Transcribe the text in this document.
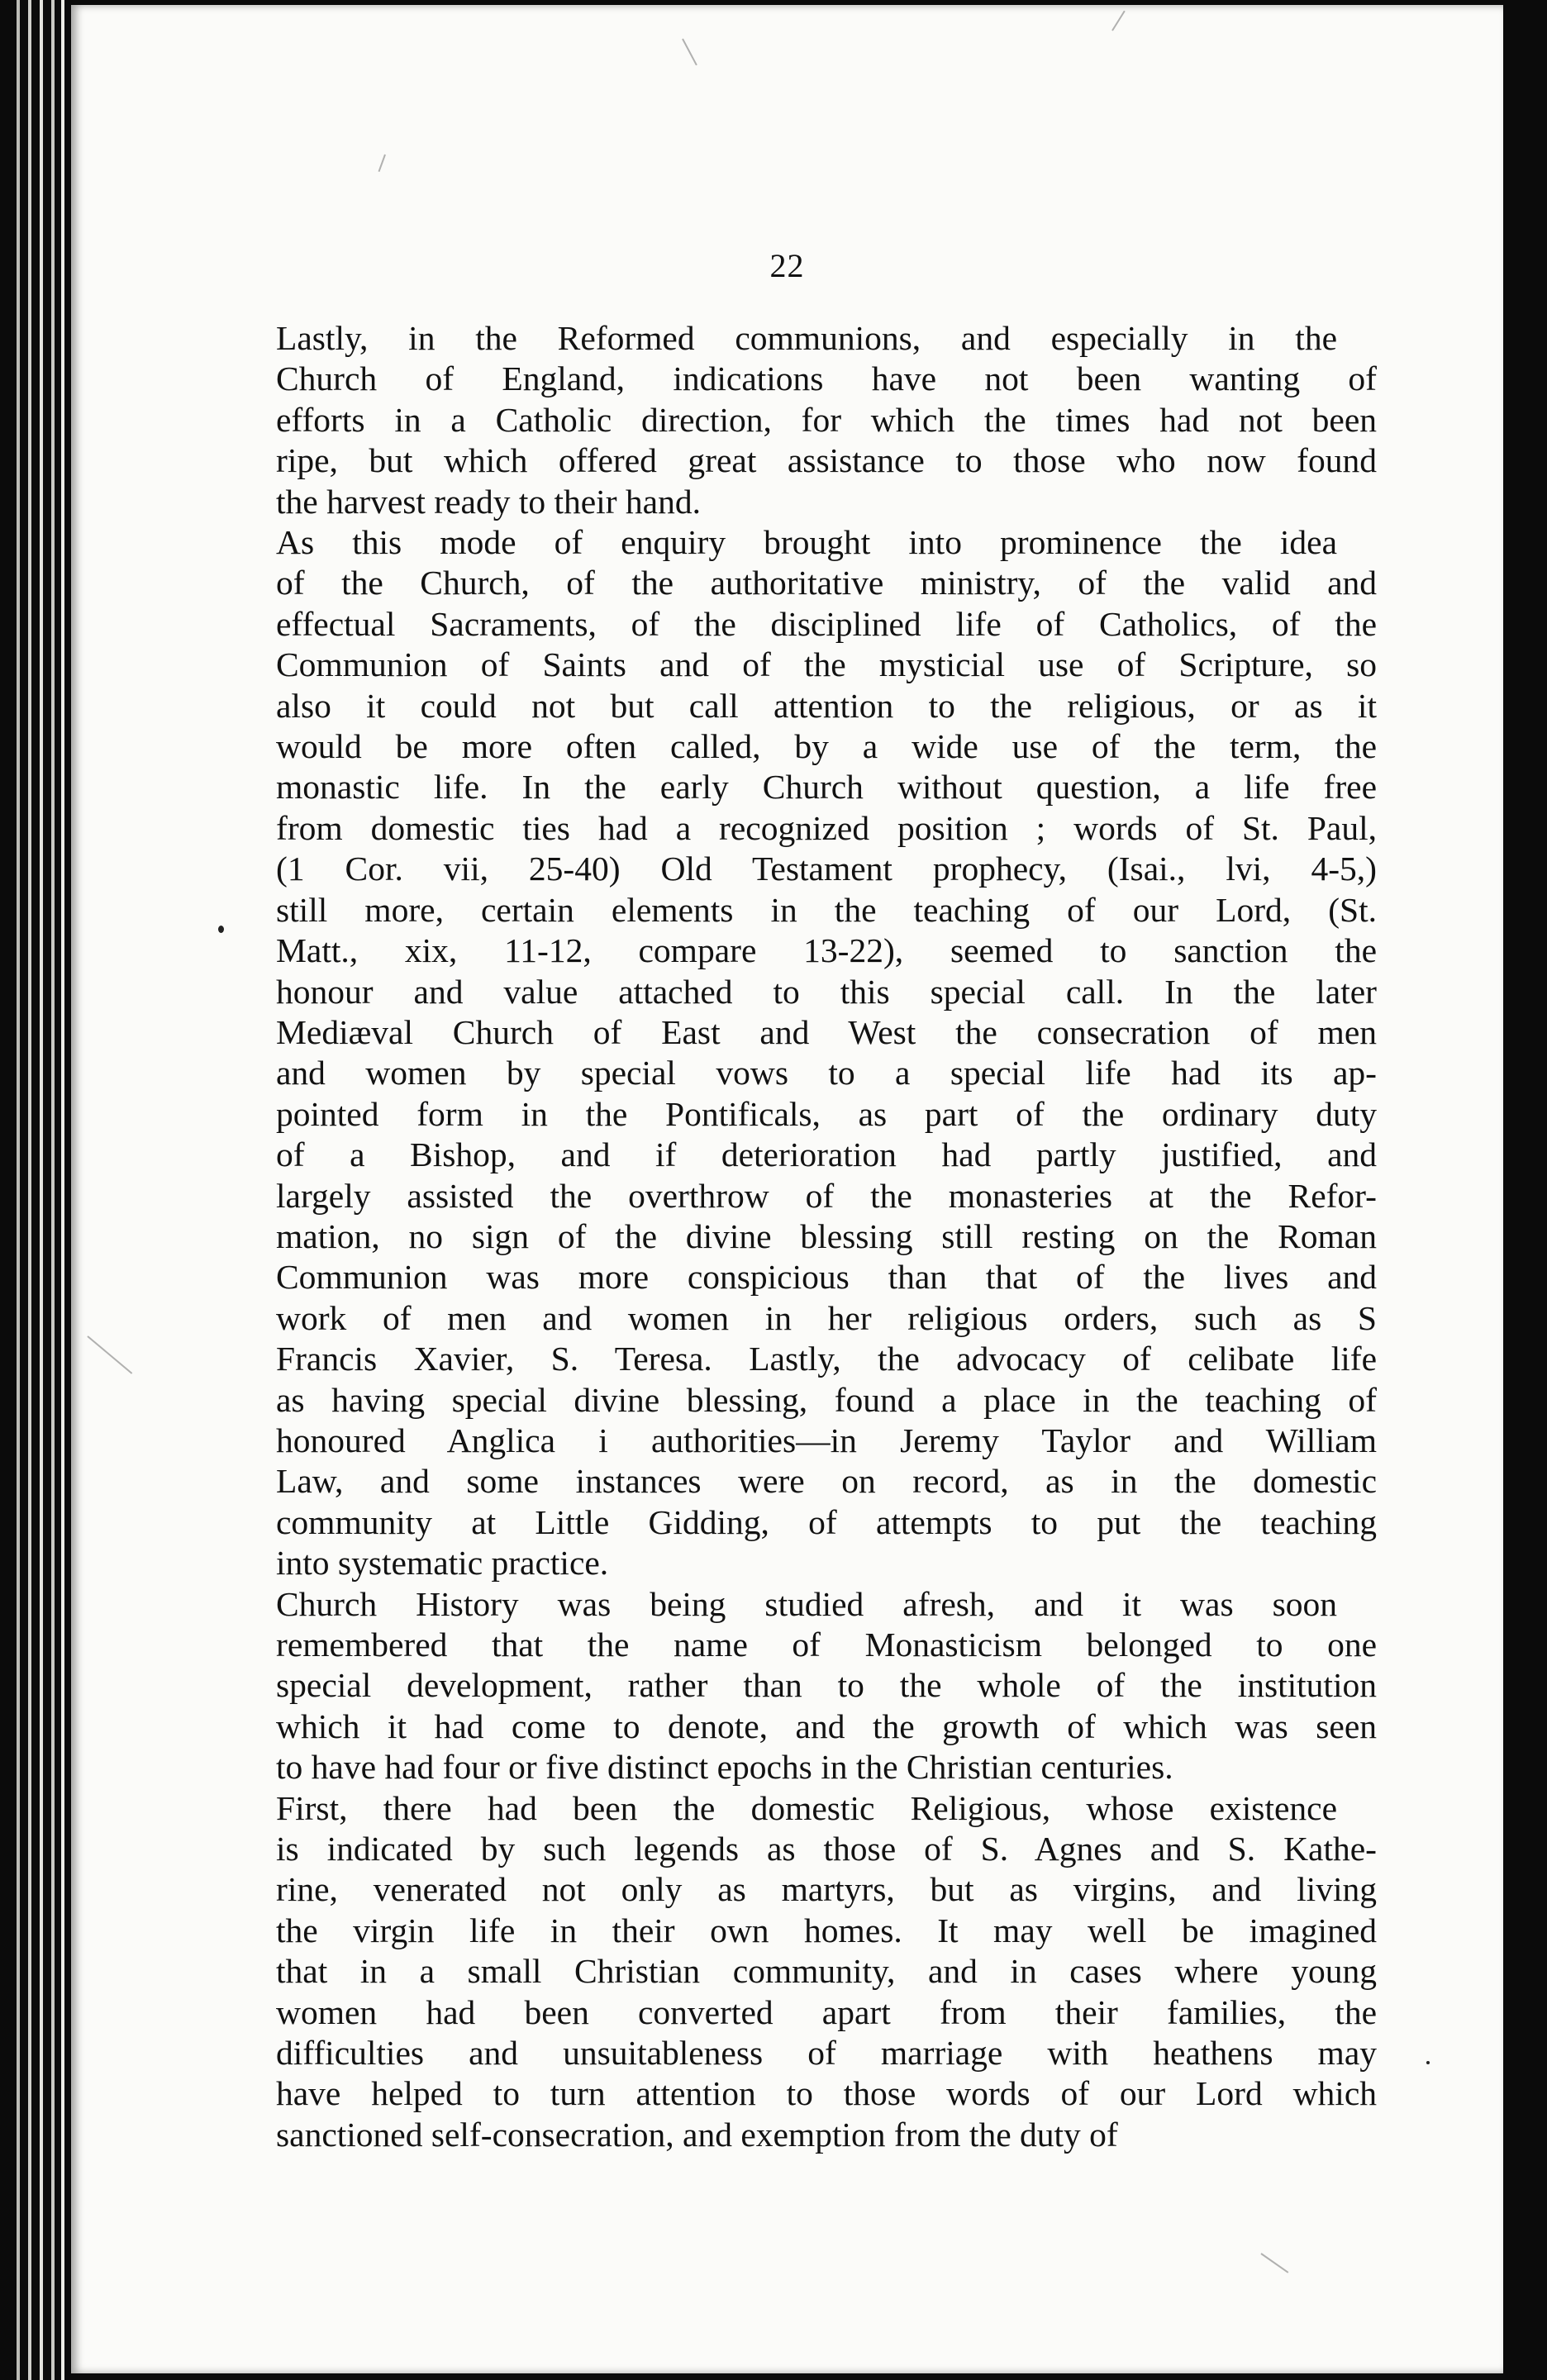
22
Lastly, in the Reformed communions, and especially in the
Church of England, indications have not been wanting of
efforts in a Catholic direction, for which the times had not been
ripe, but which offered great assistance to those who now found
the harvest ready to their hand.
As this mode of enquiry brought into prominence the idea
of the Church, of the authoritative ministry, of the valid and
effectual Sacraments, of the disciplined life of Catholics, of the
Communion of Saints and of the mysticial use of Scripture, so
also it could not but call attention to the religious, or as it
would be more often called, by a wide use of the term, the
monastic life. In the early Church without question, a life free
from domestic ties had a recognized position ; words of St. Paul,
(1 Cor. vii, 25-40) Old Testament prophecy, (Isai., lvi, 4-5,)
still more, certain elements in the teaching of our Lord, (St.
Matt., xix, 11-12, compare 13-22), seemed to sanction the
honour and value attached to this special call. In the later
Mediæval Church of East and West the consecration of men
and women by special vows to a special life had its ap-
pointed form in the Pontificals, as part of the ordinary duty
of a Bishop, and if deterioration had partly justified, and
largely assisted the overthrow of the monasteries at the Refor-
mation, no sign of the divine blessing still resting on the Roman
Communion was more conspicious than that of the lives and
work of men and women in her religious orders, such as S
Francis Xavier, S. Teresa. Lastly, the advocacy of celibate life
as having special divine blessing, found a place in the teaching of
honoured Anglica i authorities—in Jeremy Taylor and William
Law, and some instances were on record, as in the domestic
community at Little Gidding, of attempts to put the teaching
into systematic practice.
Church History was being studied afresh, and it was soon
remembered that the name of Monasticism belonged to one
special development, rather than to the whole of the institution
which it had come to denote, and the growth of which was seen
to have had four or five distinct epochs in the Christian centuries.
First, there had been the domestic Religious, whose existence
is indicated by such legends as those of S. Agnes and S. Kathe-
rine, venerated not only as martyrs, but as virgins, and living
the virgin life in their own homes. It may well be imagined
that in a small Christian community, and in cases where young
women had been converted apart from their families, the
difficulties and unsuitableness of marriage with heathens may
have helped to turn attention to those words of our Lord which
sanctioned self-consecration, and exemption from the duty of
